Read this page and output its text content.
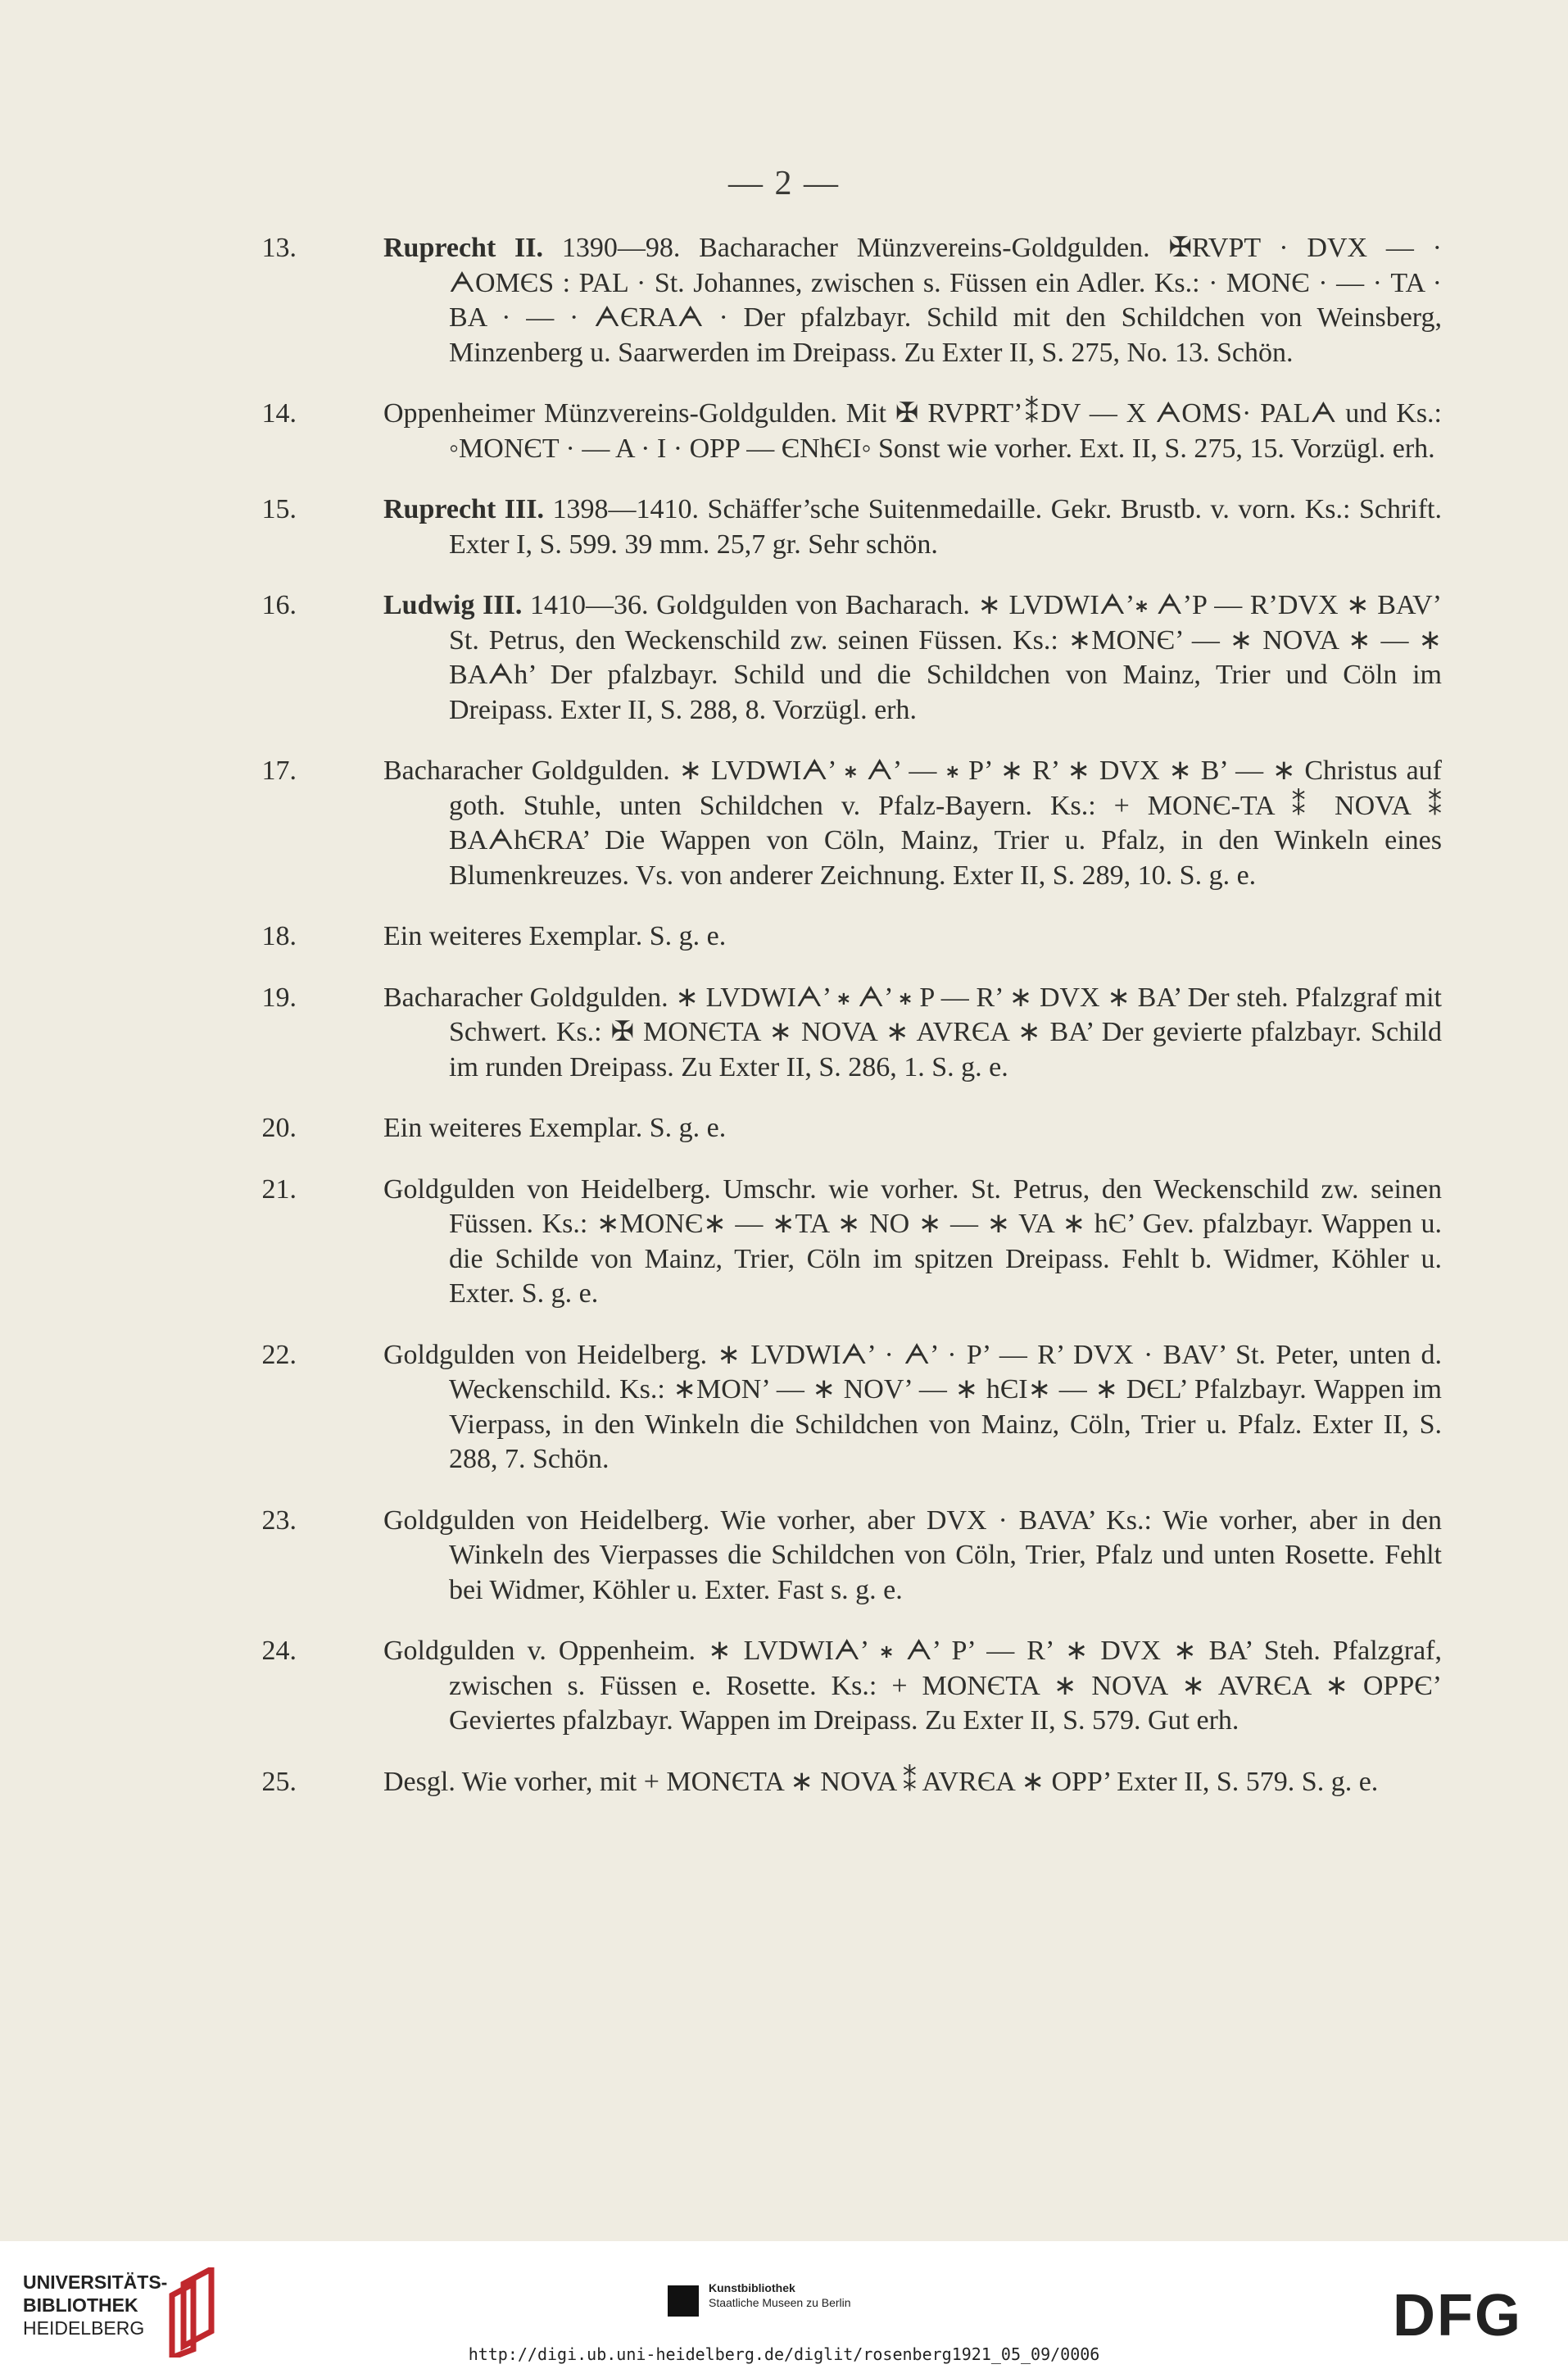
— 2 —
13.	Ruprecht II. 1390—98. Bacharacher Münzvereins-Goldgulden. ✠RVPT · DVX — · ᗅOMЄS : PAL · St. Johannes, zwischen s. Füssen ein Adler. Ks.: · MONЄ · — · TA · BA · — · ᗅЄRAᗅ · Der pfalzbayr. Schild mit den Schildchen von Weinsberg, Minzenberg u. Saarwerden im Dreipass. Zu Exter II, S. 275, No. 13. Schön.
14.	Oppenheimer Münzvereins-Goldgulden. Mit ✠ RVPRT’⁑DV — X ᗅOMS· PALᗅ und Ks.: ◦MONЄT · — A · I · OPP — ЄNhЄI◦ Sonst wie vorher. Ext. II, S. 275, 15. Vorzügl. erh.
15.	Ruprecht III. 1398—1410. Schäffer’sche Suitenmedaille. Gekr. Brustb. v. vorn. Ks.: Schrift. Exter I, S. 599. 39 mm. 25,7 gr. Sehr schön.
16.	Ludwig III. 1410—36. Goldgulden von Bacharach. ∗ LVDWIᗅ’∗ ᗅ’P — R’DVX ∗ BAV’ St. Petrus, den Weckenschild zw. seinen Füssen. Ks.: ∗MONЄ’ — ∗ NOVA ∗ — ∗ BAᗅh’ Der pfalzbayr. Schild und die Schildchen von Mainz, Trier und Cöln im Dreipass. Exter II, S. 288, 8. Vorzügl. erh.
17.	Bacharacher Goldgulden. ∗ LVDWIᗅ’ ∗ ᗅ’ — ∗ P’ ∗ R’ ∗ DVX ∗ B’ — ∗ Christus auf goth. Stuhle, unten Schildchen v. Pfalz-Bayern. Ks.: + MONЄ-TA ⁑ NOVA ⁑ BAᗅhЄRA’ Die Wappen von Cöln, Mainz, Trier u. Pfalz, in den Winkeln eines Blumenkreuzes. Vs. von anderer Zeichnung. Exter II, S. 289, 10. S. g. e.
18.	Ein weiteres Exemplar. S. g. e.
19.	Bacharacher Goldgulden. ∗ LVDWIᗅ’ ∗ ᗅ’ ∗ P — R’ ∗ DVX ∗ BA’ Der steh. Pfalzgraf mit Schwert. Ks.: ✠ MONЄTA ∗ NOVA ∗ AVRЄA ∗ BA’ Der gevierte pfalzbayr. Schild im runden Dreipass. Zu Exter II, S. 286, 1. S. g. e.
20.	Ein weiteres Exemplar. S. g. e.
21.	Goldgulden von Heidelberg. Umschr. wie vorher. St. Petrus, den Weckenschild zw. seinen Füssen. Ks.: ∗MONЄ∗ — ∗TA ∗ NO ∗ — ∗ VA ∗ hЄ’ Gev. pfalzbayr. Wappen u. die Schilde von Mainz, Trier, Cöln im spitzen Dreipass. Fehlt b. Widmer, Köhler u. Exter. S. g. e.
22.	Goldgulden von Heidelberg. ∗ LVDWIᗅ’ · ᗅ’ · P’ — R’ DVX · BAV’ St. Peter, unten d. Weckenschild. Ks.: ∗MON’ — ∗ NOV’ — ∗ hЄI∗ — ∗ DЄL’ Pfalzbayr. Wappen im Vierpass, in den Winkeln die Schildchen von Mainz, Cöln, Trier u. Pfalz. Exter II, S. 288, 7. Schön.
23.	Goldgulden von Heidelberg. Wie vorher, aber DVX · BAVA’ Ks.: Wie vorher, aber in den Winkeln des Vierpasses die Schildchen von Cöln, Trier, Pfalz und unten Rosette. Fehlt bei Widmer, Köhler u. Exter. Fast s. g. e.
24.	Goldgulden v. Oppenheim. ∗ LVDWIᗅ’ ∗ ᗅ’ P’ — R’ ∗ DVX ∗ BA’ Steh. Pfalzgraf, zwischen s. Füssen e. Rosette. Ks.: + MONЄTA ∗ NOVA ∗ AVRЄA ∗ OPPЄ’ Geviertes pfalzbayr. Wappen im Dreipass. Zu Exter II, S. 579. Gut erh.
25.	Desgl. Wie vorher, mit + MONЄTA ∗ NOVA ⁑ AVRЄA ∗ OPP’ Exter II, S. 579. S. g. e.
UNIVERSITÄTS-
BIBLIOTHEK
HEIDELBERG
Kunstbibliothek
Staatliche Museen zu Berlin	DFG
http://digi.ub.uni-heidelberg.de/diglit/rosenberg1921_05_09/0006
